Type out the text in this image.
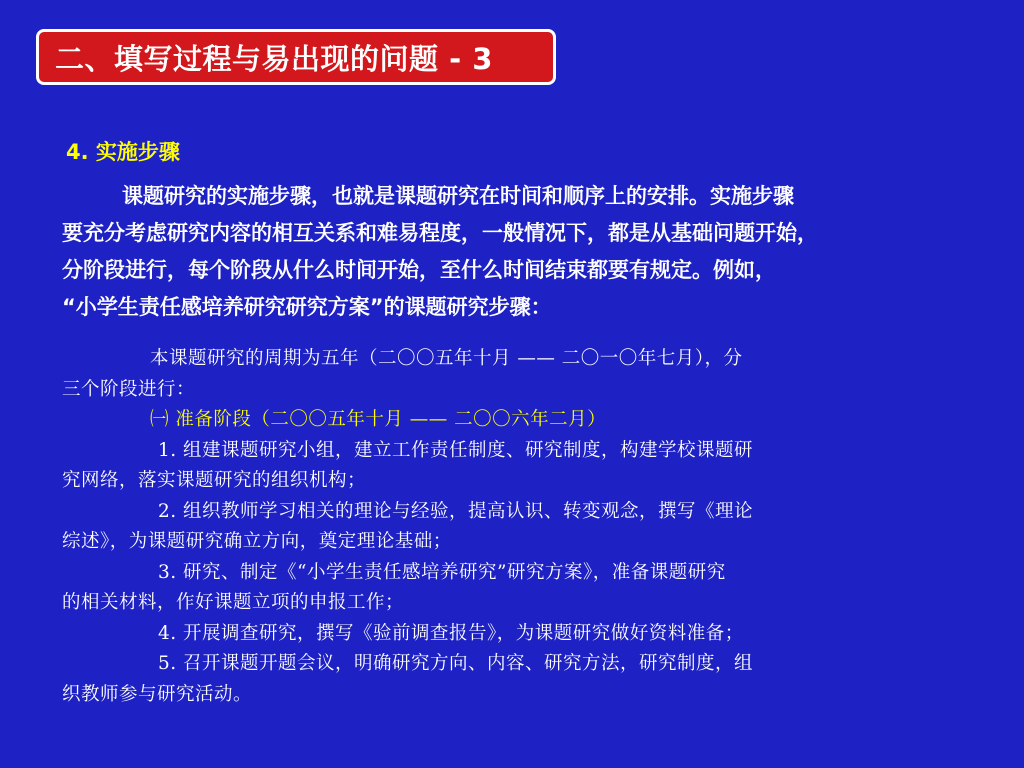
二、填写过程与易出现的问题 - 3
4. 实施步骤
课题研究的实施步骤，也就是课题研究在时间和顺序上的安排。实施步骤
要充分考虑研究内容的相互关系和难易程度，一般情况下，都是从基础问题开始，
分阶段进行，每个阶段从什么时间开始，至什么时间结束都要有规定。例如，
“小学生责任感培养研究研究方案”的课题研究步骤：
本课题研究的周期为五年（二〇〇五年十月 —— 二〇一〇年七月），分
三个阶段进行：
㈠ 准备阶段（二〇〇五年十月 —— 二〇〇六年二月）
1. 组建课题研究小组，建立工作责任制度、研究制度，构建学校课题研
究网络，落实课题研究的组织机构；
2. 组织教师学习相关的理论与经验，提高认识、转变观念，撰写《理论
综述》，为课题研究确立方向，奠定理论基础；
3. 研究、制定《“小学生责任感培养研究”研究方案》，准备课题研究
的相关材料，作好课题立项的申报工作；
4. 开展调查研究，撰写《验前调查报告》，为课题研究做好资料准备；
5. 召开课题开题会议，明确研究方向、内容、研究方法，研究制度，组
织教师参与研究活动。
